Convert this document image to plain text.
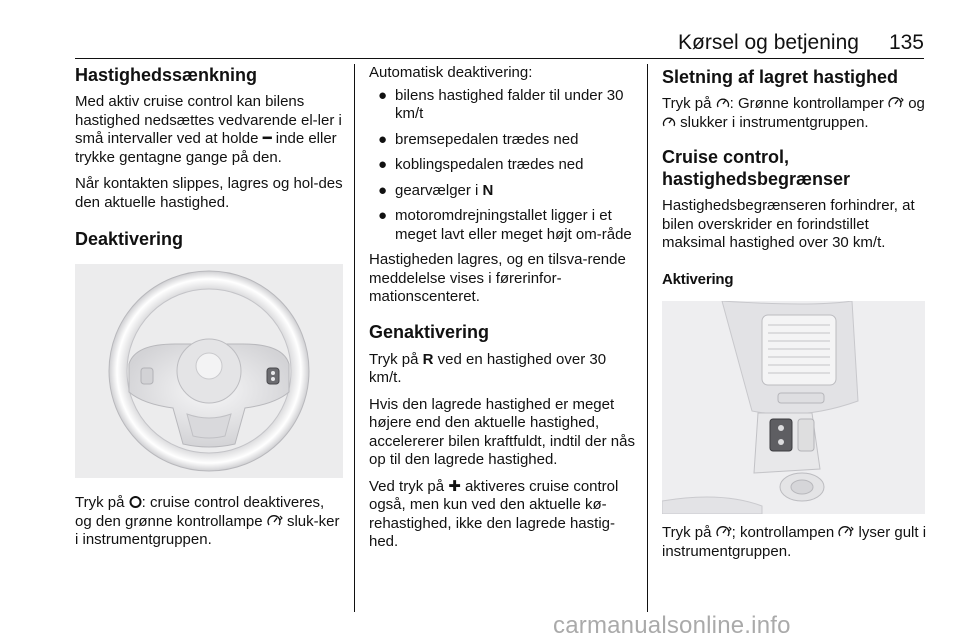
Kørsel og betjening 135
Hastighedssænkning

Med aktiv cruise control kan bilens hastighed nedsættes vedvarende el-ler i små intervaller ved at holde ━ inde eller trykke gentagne gange på den.

Når kontakten slippes, lagres og hol-des den aktuelle hastighed.

Deaktivering

Tryk på : cruise control deaktiveres, og den grønne kontrollampe  sluk-ker i instrumentgruppen.

Automatisk deaktivering:

● bilens hastighed falder til under 30 km/t
● bremsepedalen trædes ned
● koblingspedalen trædes ned
● gearvælger i N
● motoromdrejningstallet ligger i et meget lavt eller meget højt om-råde

Hastigheden lagres, og en tilsva-rende meddelelse vises i førerinfor-mationscenteret.

Genaktivering

Tryk på R ved en hastighed over 30 km/t.

Hvis den lagrede hastighed er meget højere end den aktuelle hastighed, accelererer bilen kraftfuldt, indtil der nås op til den lagrede hastighed.

Ved tryk på ✚ aktiveres cruise control også, men kun ved den aktuelle kø-rehastighed, ikke den lagrede hastig-hed.

Sletning af lagret hastighed

Tryk på : Grønne kontrollamper  og  slukker i instrumentgruppen.

Cruise control,
hastighedsbegrænser

Hastighedsbegrænseren forhindrer, at bilen overskrider en forindstillet maksimal hastighed over 30 km/t.

Aktivering

Tryk på ; kontrollampen  lyser gult i instrumentgruppen.

carmanualsonline.info
